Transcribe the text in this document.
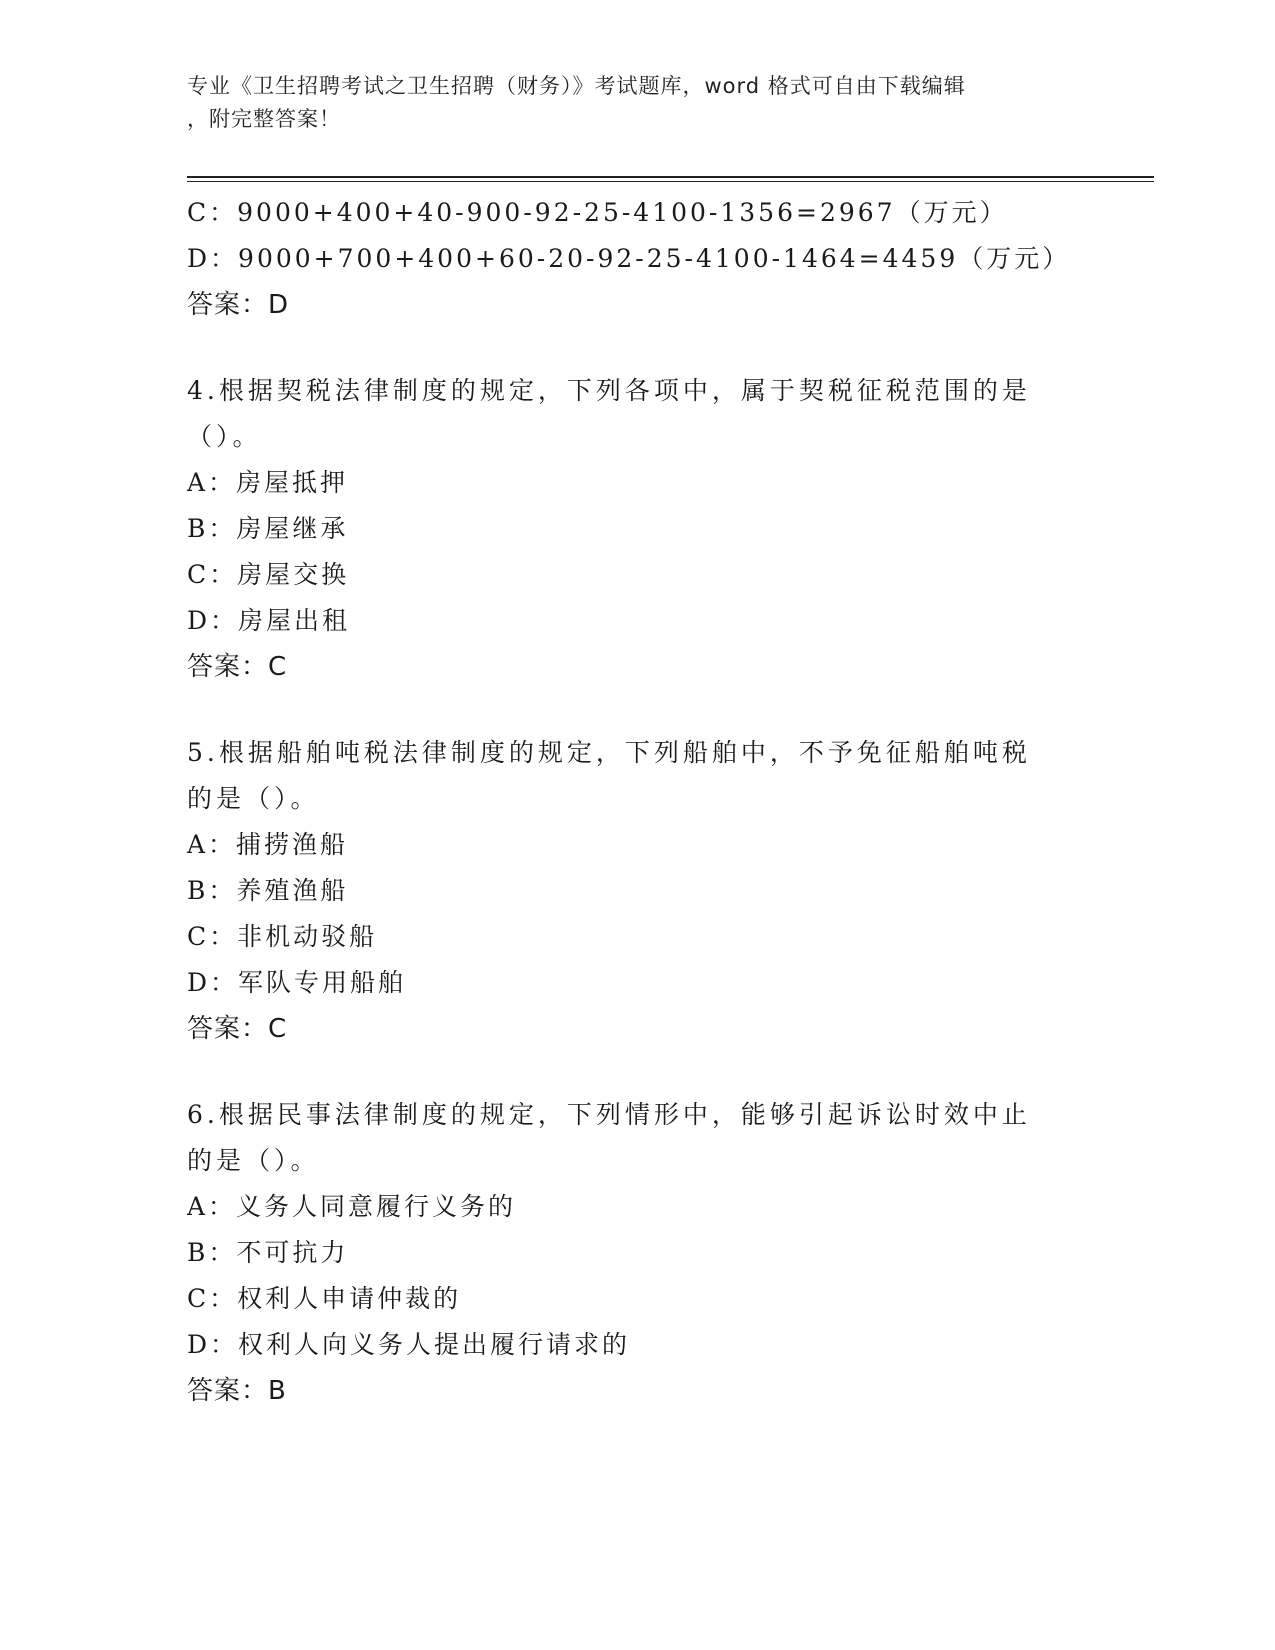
专业《卫生招聘考试之卫生招聘（财务）》考试题库，word 格式可自由下载编辑
，附完整答案！
C：9000+400+40-900-92-25-4100-1356=2967（万元）
D：9000+700+400+60-20-92-25-4100-1464=4459（万元）
答案：D
4.根据契税法律制度的规定，下列各项中，属于契税征税范围的是（）。
A：房屋抵押
B：房屋继承
C：房屋交换
D：房屋出租
答案：C
5.根据船舶吨税法律制度的规定，下列船舶中，不予免征船舶吨税的是（）。
A：捕捞渔船
B：养殖渔船
C：非机动驳船
D：军队专用船舶
答案：C
6.根据民事法律制度的规定，下列情形中，能够引起诉讼时效中止的是（）。
A：义务人同意履行义务的
B：不可抗力
C：权利人申请仲裁的
D：权利人向义务人提出履行请求的
答案：B
